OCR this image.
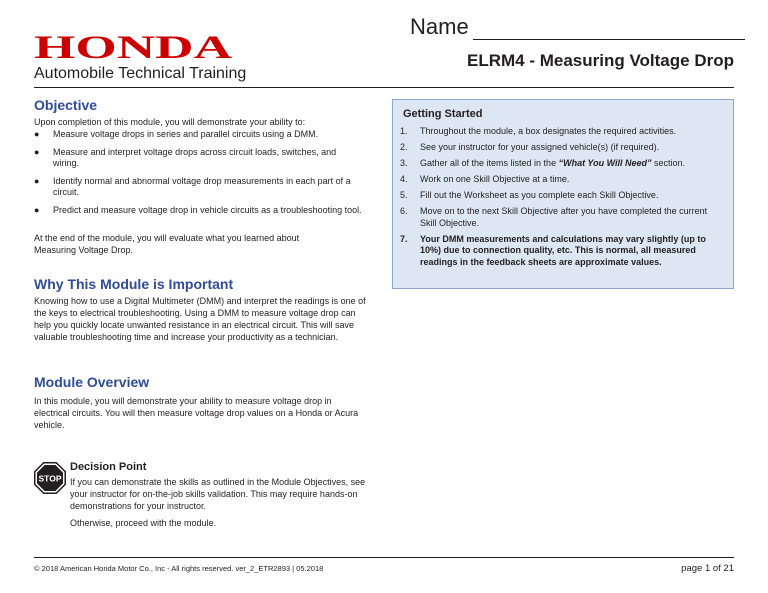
HONDA
Automobile Technical Training
Name
ELRM4 - Measuring Voltage Drop
Objective
Upon completion of this module, you will demonstrate your ability to:
● Measure voltage drops in series and parallel circuits using a DMM.
● Measure and interpret voltage drops across circuit loads, switches, and wiring.
● Identify normal and abnormal voltage drop measurements in each part of a circuit.
● Predict and measure voltage drop in vehicle circuits as a troubleshooting tool.
At the end of the module, you will evaluate what you learned about Measuring Voltage Drop.
Why This Module is Important
Knowing how to use a Digital Multimeter (DMM) and interpret the readings is one of the keys to electrical troubleshooting. Using a DMM to measure voltage drop can help you quickly locate unwanted resistance in an electrical circuit. This will save valuable troubleshooting time and increase your productivity as a technician.
Module Overview
In this module, you will demonstrate your ability to measure voltage drop in electrical circuits. You will then measure voltage drop values on a Honda or Acura vehicle.
STOP
Decision Point
If you can demonstrate the skills as outlined in the Module Objectives, see your instructor for on-the-job skills validation. This may require hands-on demonstrations for your instructor.
Otherwise, proceed with the module.
Getting Started
1. Throughout the module, a box designates the required activities.
2. See your instructor for your assigned vehicle(s) (if required).
3. Gather all of the items listed in the “What You Will Need” section.
4. Work on one Skill Objective at a time.
5. Fill out the Worksheet as you complete each Skill Objective.
6. Move on to the next Skill Objective after you have completed the current Skill Objective.
7. Your DMM measurements and calculations may vary slightly (up to 10%) due to connection quality, etc. This is normal, all measured readings in the feedback sheets are approximate values.
© 2018 American Honda Motor Co., Inc - All rights reserved. ver_2_ETR2893 | 05.2018	page 1 of 21
